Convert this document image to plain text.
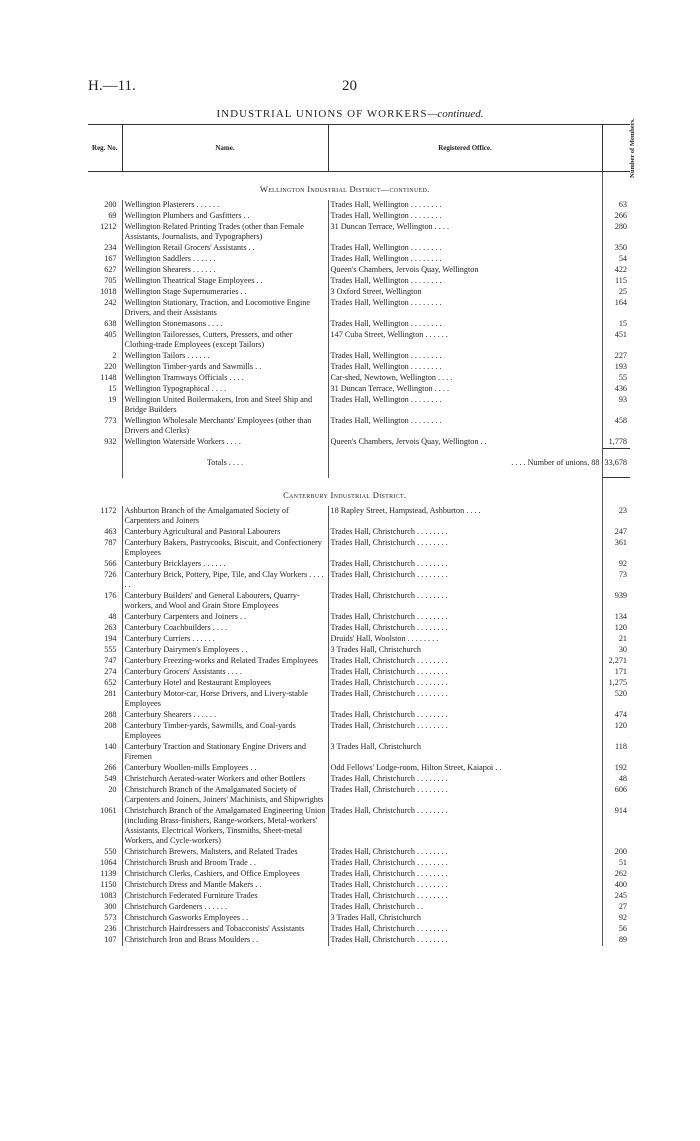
H.—11.	20
INDUSTRIAL UNIONS OF WORKERS—continued.
Reg. No.	Name.	Registered Office.	Number of Members.
Wellington Industrial District—continued.			
200	Wellington Plasterers . . . . . .	Trades Hall, Wellington . . . . . . . .	63
69	Wellington Plumbers and Gasfitters . .	Trades Hall, Wellington . . . . . . . .	266
1212	Wellington Related Printing Trades (other than Female Assistants, Journalists, and Typographers)	31 Duncan Terrace, Wellington . . . .	280
234	Wellington Retail Grocers' Assistants . .	Trades Hall, Wellington . . . . . . . .	350
167	Wellington Saddlers . . . . . .	Trades Hall, Wellington . . . . . . . .	54
627	Wellington Shearers . . . . . .	Queen's Chambers, Jervois Quay, Wellington	422
705	Wellington Theatrical Stage Employees . .	Trades Hall, Wellington . . . . . . . .	115
1018	Wellington Stage Supernumeraries . .	3 Oxford Street, Wellington	25
242	Wellington Stationary, Traction, and Locomotive Engine Drivers, and their Assistants	Trades Hall, Wellington . . . . . . . .	164
638	Wellington Stonemasons . . . .	Trades Hall, Wellington . . . . . . . .	15
405	Wellington Tailoresses, Cutters, Pressers, and other Clothing-trade Employees (except Tailors)	147 Cuba Street, Wellington . . . . . .	451
2	Wellington Tailors . . . . . .	Trades Hall, Wellington . . . . . . . .	227
220	Wellington Timber-yards and Sawmills . .	Trades Hall, Wellington . . . . . . . .	193
1148	Wellington Tramways Officials . . . .	Car-shed, Newtown, Wellington . . . .	55
15	Wellington Typographical . . . .	31 Duncan Terrace, Wellington . . . .	436
19	Wellington United Boilermakers, Iron and Steel Ship and Bridge Builders	Trades Hall, Wellington . . . . . . . .	93
773	Wellington Wholesale Merchants' Employees (other than Drivers and Clerks)	Trades Hall, Wellington . . . . . . . .	458
932	Wellington Waterside Workers . . . .	Queen's Chambers, Jervois Quay, Wellington . .	1,778
	Totals . . . .	. . . . Number of unions, 88	33,678
Canterbury Industrial District.			
1172	Ashburton Branch of the Amalgamated Society of Carpenters and Joiners	18 Rapley Street, Hampstead, Ashburton . . . .	23
463	Canterbury Agricultural and Pastoral Labourers	Trades Hall, Christchurch . . . . . . . .	247
787	Canterbury Bakers, Pastrycooks, Biscuit, and Confectionery Employees	Trades Hall, Christchurch . . . . . . . .	361
566	Canterbury Bricklayers . . . . . .	Trades Hall, Christchurch . . . . . . . .	92
726	Canterbury Brick, Pottery, Pipe, Tile, and Clay Workers . . . . . .	Trades Hall, Christchurch . . . . . . . .	73
176	Canterbury Builders' and General Labourers, Quarry-workers, and Wool and Grain Store Employees	Trades Hall, Christchurch . . . . . . . .	939
48	Canterbury Carpenters and Joiners . .	Trades Hall, Christchurch . . . . . . . .	134
263	Canterbury Coachbuilders . . . .	Trades Hall, Christchurch . . . . . . . .	120
194	Canterbury Curriers . . . . . .	Druids' Hall, Woolston . . . . . . . .	21
555	Canterbury Dairymen's Employees . .	3 Trades Hall, Christchurch	30
747	Canterbury Freezing-works and Related Trades Employees	Trades Hall, Christchurch . . . . . . . .	2,271
274	Canterbury Grocers' Assistants . . . .	Trades Hall, Christchurch . . . . . . . .	171
652	Canterbury Hotel and Restaurant Employees	Trades Hall, Christchurch . . . . . . . .	1,275
281	Canterbury Motor-car, Horse Drivers, and Livery-stable Employees	Trades Hall, Christchurch . . . . . . . .	520
288	Canterbury Shearers . . . . . .	Trades Hall, Christchurch . . . . . . . .	474
208	Canterbury Timber-yards, Sawmills, and Coal-yards Employees	Trades Hall, Christchurch . . . . . . . .	120
140	Canterbury Traction and Stationary Engine Drivers and Firemen	3 Trades Hall, Christchurch	118
266	Canterbury Woollen-mills Employees . .	Odd Fellows' Lodge-room, Hilton Street, Kaiapoi . .	192
549	Christchurch Aerated-water Workers and other Bottlers	Trades Hall, Christchurch . . . . . . . .	48
20	Christchurch Branch of the Amalgamated Society of Carpenters and Joiners, Joiners' Machinists, and Shipwrights	Trades Hall, Christchurch . . . . . . . .	606
1061	Christchurch Branch of the Amalgamated Engineering Union (including Brass-finishers, Range-workers, Metal-workers' Assistants, Electrical Workers, Tinsmiths, Sheet-metal Workers, and Cycle-workers)	Trades Hall, Christchurch . . . . . . . .	914
550	Christchurch Brewers, Maltsters, and Related Trades	Trades Hall, Christchurch . . . . . . . .	200
1064	Christchurch Brush and Broom Trade . .	Trades Hall, Christchurch . . . . . . . .	51
1139	Christchurch Clerks, Cashiers, and Office Employees	Trades Hall, Christchurch . . . . . . . .	262
1150	Christchurch Dress and Mantle Makers . .	Trades Hall, Christchurch . . . . . . . .	400
1083	Christchurch Federated Furniture Trades	Trades Hall, Christchurch . . . . . . . .	245
300	Christchurch Gardeners . . . . . .	Trades Hall, Christchurch . .	27
573	Christchurch Gasworks Employees . .	3 Trades Hall, Christchurch	92
236	Christchurch Hairdressers and Tobacconists' Assistants	Trades Hall, Christchurch . . . . . . . .	56
107	Christchurch Iron and Brass Moulders . .	Trades Hall, Christchurch . . . . . . . .	89
